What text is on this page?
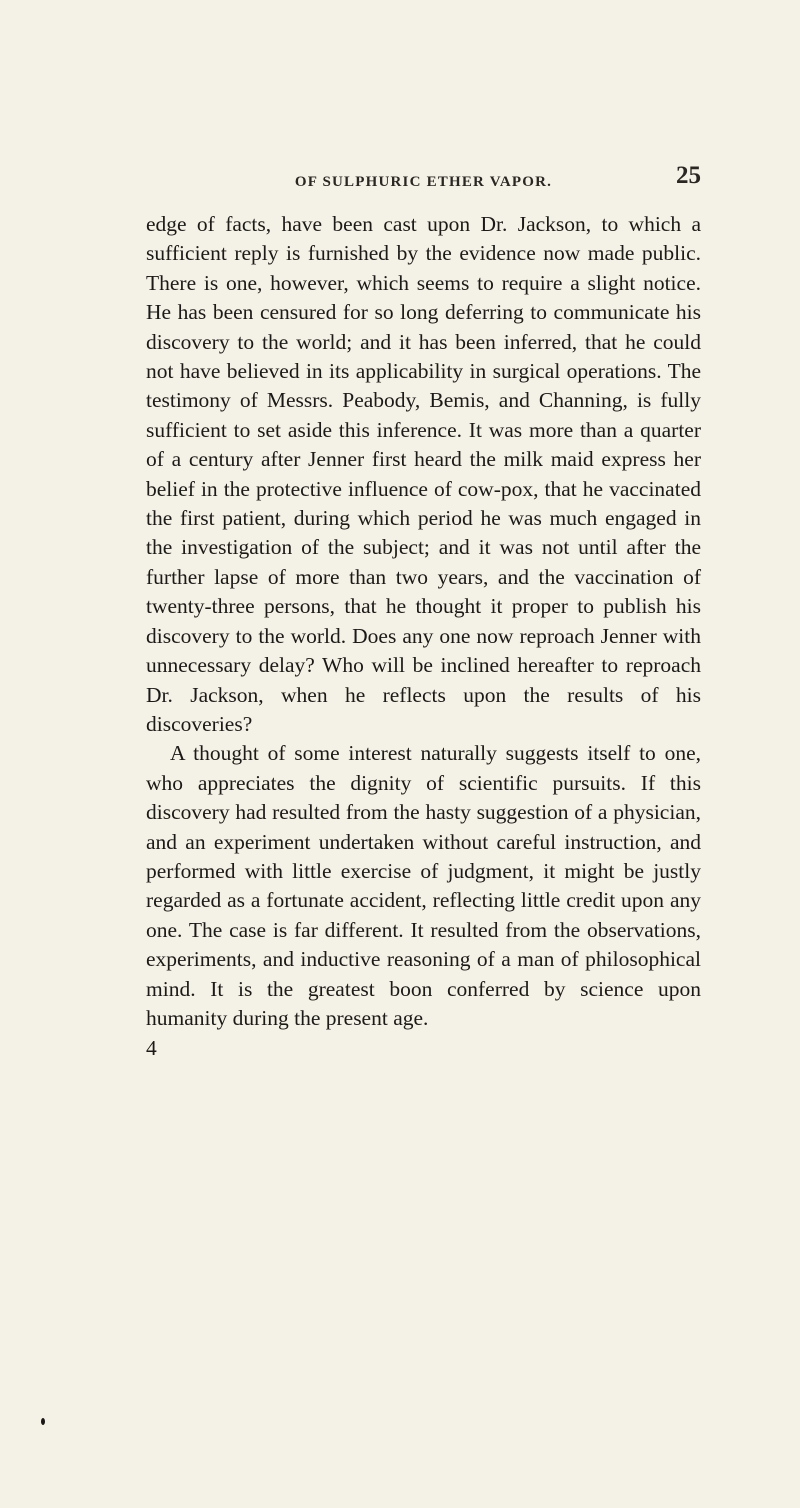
OF SULPHURIC ETHER VAPOR.	25

edge of facts, have been cast upon Dr. Jackson, to which a sufficient reply is furnished by the evidence now made public. There is one, however, which seems to require a slight notice. He has been censured for so long deferring to communicate his discovery to the world; and it has been inferred, that he could not have believed in its applicability in surgical operations. The testimony of Messrs. Peabody, Bemis, and Channing, is fully sufficient to set aside this inference. It was more than a quarter of a century after Jenner first heard the milk maid express her belief in the protective influence of cow-pox, that he vaccinated the first patient, during which period he was much engaged in the investigation of the subject; and it was not until after the further lapse of more than two years, and the vaccination of twenty-three persons, that he thought it proper to publish his discovery to the world. Does any one now reproach Jenner with unnecessary delay? Who will be inclined hereafter to reproach Dr. Jackson, when he reflects upon the results of his discoveries?

A thought of some interest naturally suggests itself to one, who appreciates the dignity of scientific pursuits. If this discovery had resulted from the hasty suggestion of a physician, and an experiment undertaken without careful instruction, and performed with little exercise of judgment, it might be justly regarded as a fortunate accident, reflecting little credit upon any one. The case is far different. It resulted from the observations, experiments, and inductive reasoning of a man of philosophical mind. It is the greatest boon conferred by science upon humanity during the present age.

4
